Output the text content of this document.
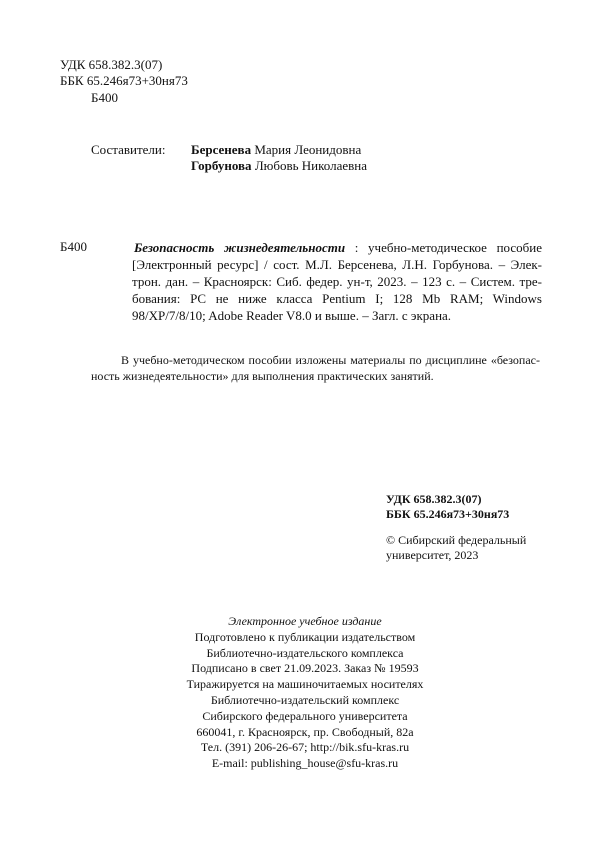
УДК 658.382.3(07)
ББК 65.246я73+30ня73
Б400
Составители: Берсенева Мария Леонидовна
Горбунова Любовь Николаевна
Б400	Безопасность жизнедеятельности : учебно-методическое пособие
[Электронный ресурс] / сост. М.Л. Берсенева, Л.Н. Горбунова. – Элек-
трон. дан. – Красноярск: Сиб. федер. ун-т, 2023. – 123 с. – Систем. тре-
бования: PC не ниже класса Pentium I; 128 Mb RAM; Windows
98/XP/7/8/10; Adobe Reader V8.0 и выше. – Загл. с экрана.
В учебно-методическом пособии изложены материалы по дисциплине «безопас-
ность жизнедеятельности» для выполнения практических занятий.
УДК 658.382.3(07)
ББК 65.246я73+30ня73
© Сибирский федеральный
университет, 2023
Электронное учебное издание
Подготовлено к публикации издательством
Библиотечно-издательского комплекса
Подписано в свет 21.09.2023. Заказ № 19593
Тиражируется на машиночитаемых носителях
Библиотечно-издательский комплекс
Сибирского федерального университета
660041, г. Красноярск, пр. Свободный, 82а
Тел. (391) 206-26-67; http://bik.sfu-kras.ru
E-mail: publishing_house@sfu-kras.ru
